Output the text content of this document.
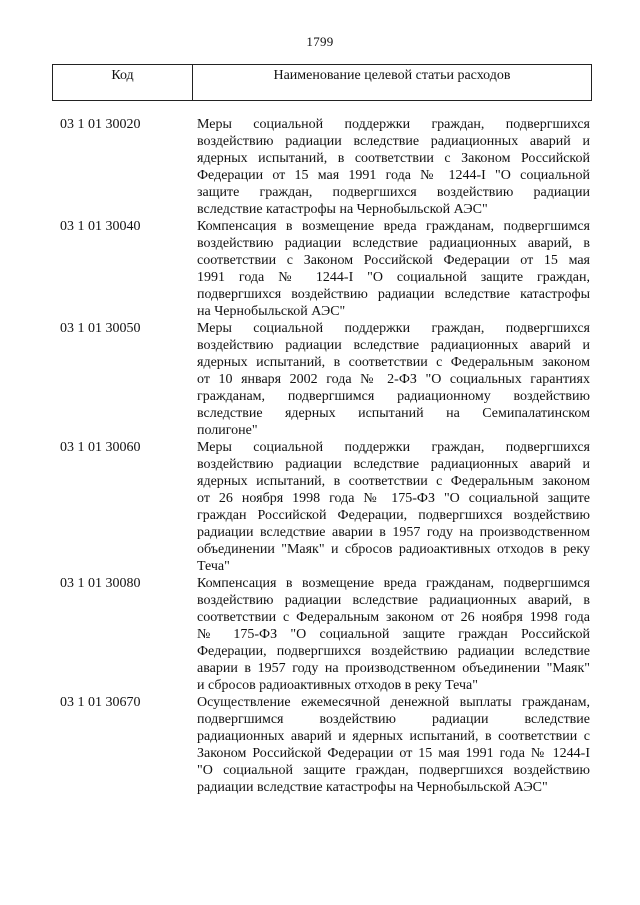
1799
Код	Наименование целевой статьи расходов
03 1 01 30020	Меры социальной поддержки граждан, подвергшихся
воздействию радиации вследствие радиационных аварий и
ядерных испытаний, в соответствии с Законом Российской
Федерации от 15 мая 1991 года № 1244-I "О социальной
защите граждан, подвергшихся воздействию радиации
вследствие катастрофы на Чернобыльской АЭС"
03 1 01 30040	Компенсация в возмещение вреда гражданам, подвергшимся
воздействию радиации вследствие радиационных аварий, в
соответствии с Законом Российской Федерации от 15 мая
1991 года № 1244-I "О социальной защите граждан,
подвергшихся воздействию радиации вследствие катастрофы
на Чернобыльской АЭС"
03 1 01 30050	Меры социальной поддержки граждан, подвергшихся
воздействию радиации вследствие радиационных аварий и
ядерных испытаний, в соответствии с Федеральным законом
от 10 января 2002 года № 2-ФЗ "О социальных гарантиях
гражданам, подвергшимся радиационному воздействию
вследствие ядерных испытаний на Семипалатинском
полигоне"
03 1 01 30060	Меры социальной поддержки граждан, подвергшихся
воздействию радиации вследствие радиационных аварий и
ядерных испытаний, в соответствии с Федеральным законом
от 26 ноября 1998 года № 175-ФЗ "О социальной защите
граждан Российской Федерации, подвергшихся воздействию
радиации вследствие аварии в 1957 году на производственном
объединении "Маяк" и сбросов радиоактивных отходов в реку
Теча"
03 1 01 30080	Компенсация в возмещение вреда гражданам, подвергшимся
воздействию радиации вследствие радиационных аварий, в
соответствии с Федеральным законом от 26 ноября 1998 года
№ 175-ФЗ "О социальной защите граждан Российской
Федерации, подвергшихся воздействию радиации вследствие
аварии в 1957 году на производственном объединении "Маяк"
и сбросов радиоактивных отходов в реку Теча"
03 1 01 30670	Осуществление ежемесячной денежной выплаты гражданам,
подвергшимся воздействию радиации вследствие
радиационных аварий и ядерных испытаний, в соответствии с
Законом Российской Федерации от 15 мая 1991 года № 1244-I
"О социальной защите граждан, подвергшихся воздействию
радиации вследствие катастрофы на Чернобыльской АЭС"
